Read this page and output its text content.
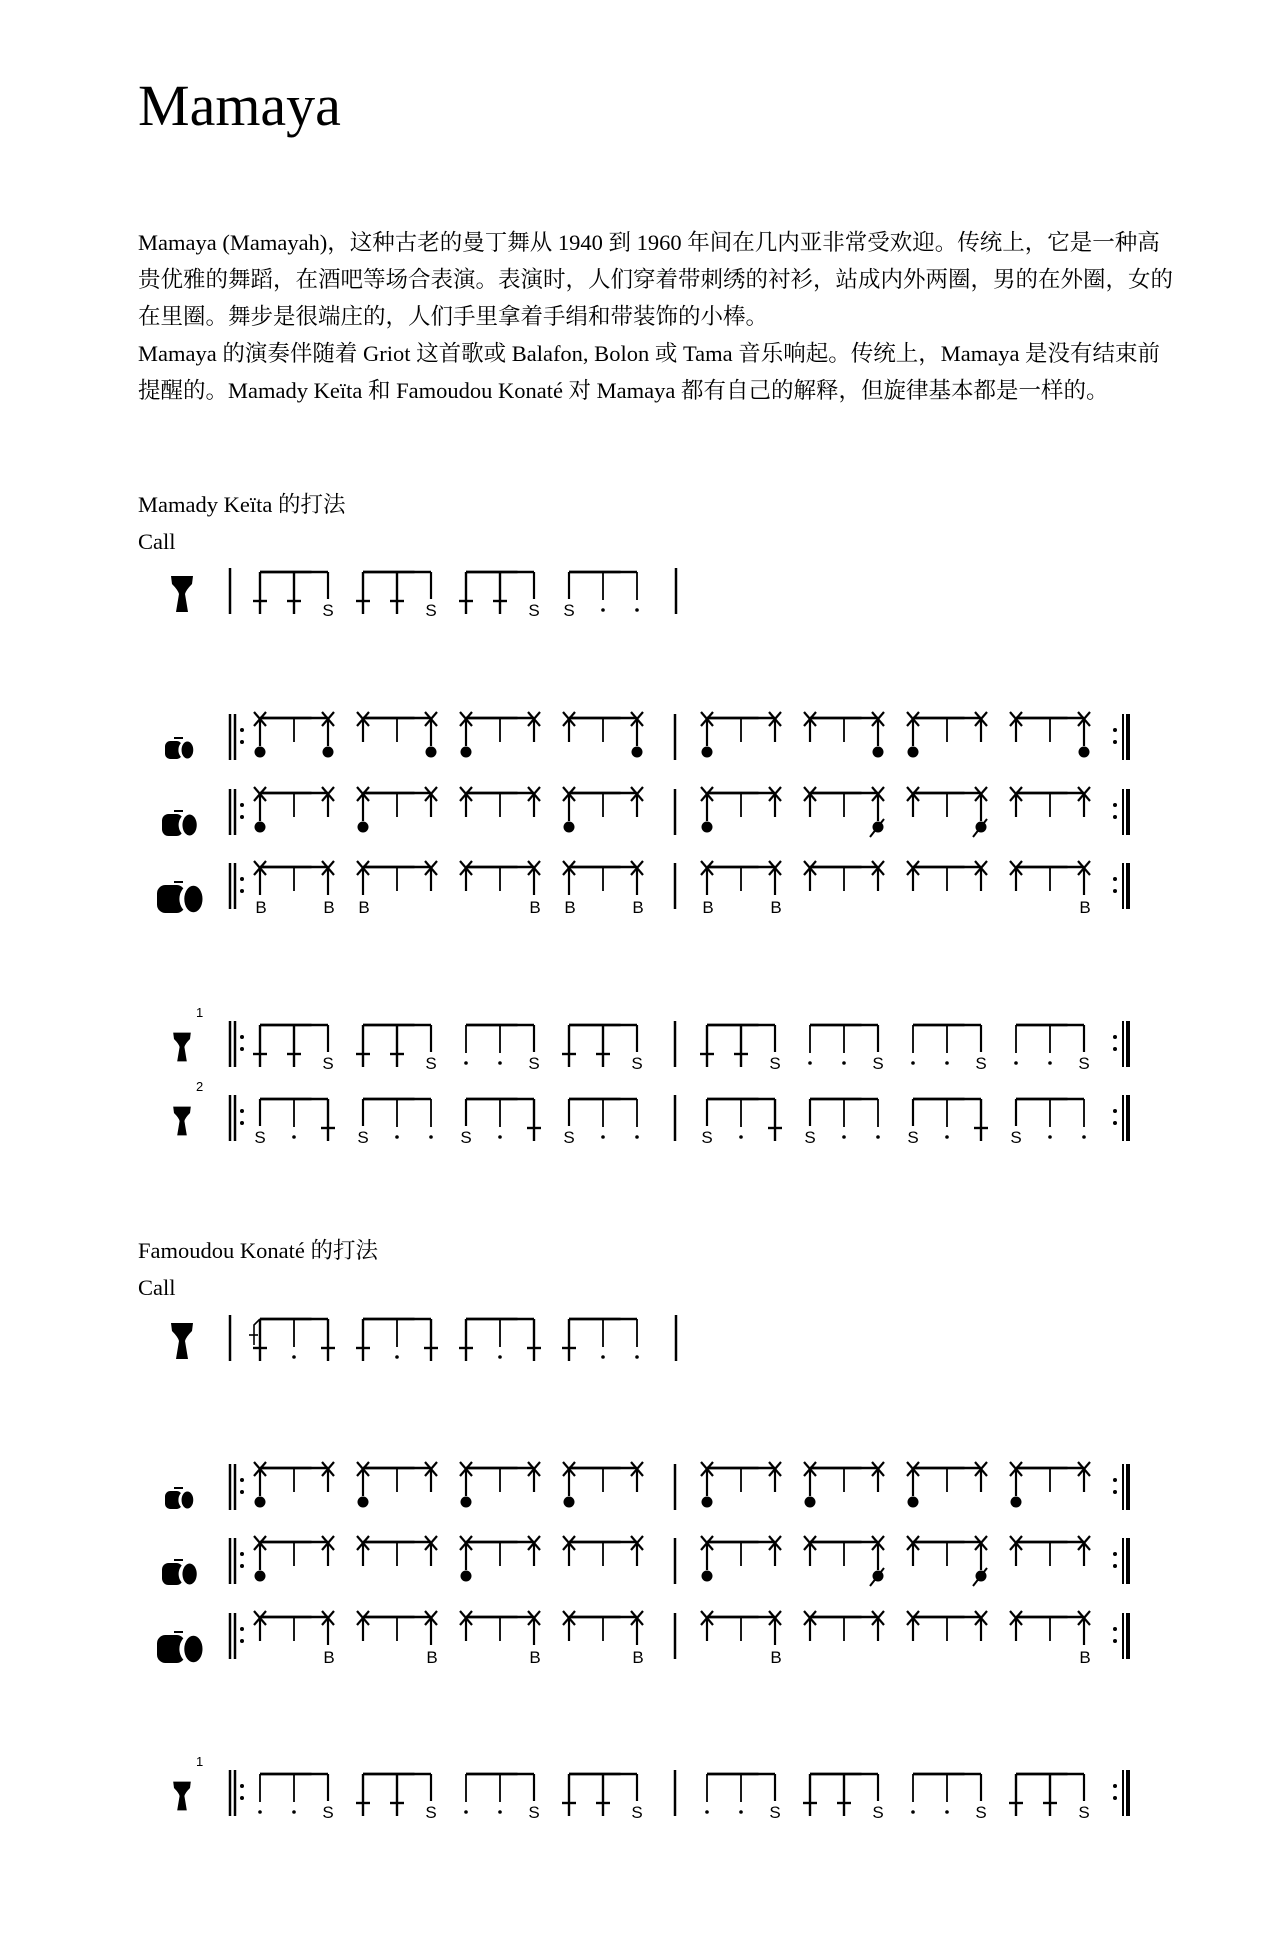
Mamaya

Mamaya (Mamayah)，这种古老的曼丁舞从 1940 到 1960 年间在几内亚非常受欢迎。传统上，它是一种高贵优雅的舞蹈，在酒吧等场合表演。表演时，人们穿着带刺绣的衬衫，站成内外两圈，男的在外圈，女的在里圈。舞步是很端庄的，人们手里拿着手绢和带装饰的小棒。

Mamaya 的演奏伴随着 Griot 这首歌或 Balafon, Bolon 或 Tama 音乐响起。传统上，Mamaya 是没有结束前提醒的。Mamady Keïta 和 Famoudou Konaté 对 Mamaya 都有自己的解释，但旋律基本都是一样的。

Mamady Keïta 的打法
Call
Famoudou Konaté 的打法
Call
S	S	S S
B	B B	B B	B	B	B	B
1
S	S	S	S	S	S	S	S
2
S	S	S	S	S	S	S	S
B	B	B	B	B	B
1
S	S	S	S	S	S	S	S
